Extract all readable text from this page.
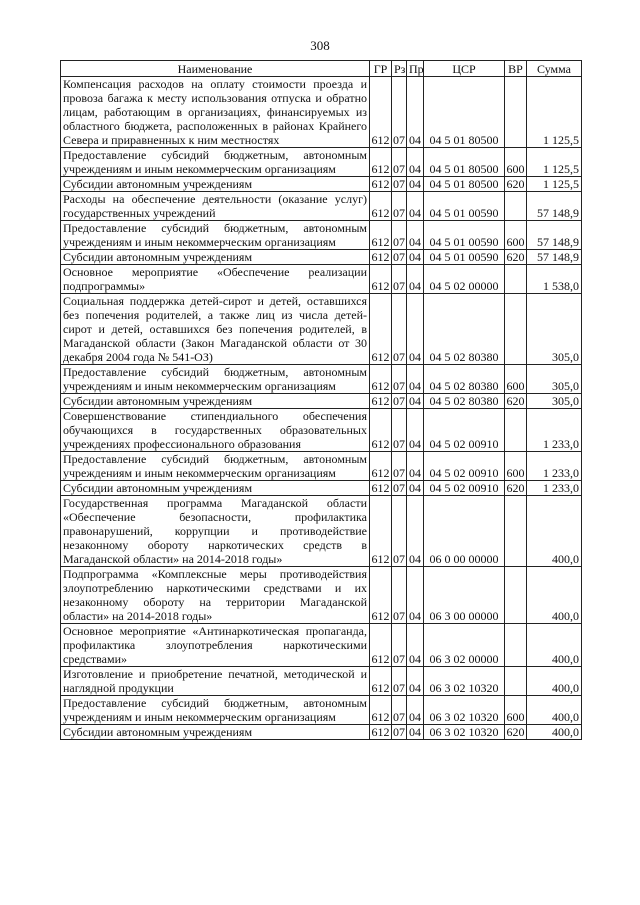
308
Наименование	ГР	Рз	Пр	ЦСР	ВР	Сумма
Компенсация расходов на оплату стоимости проезда и провоза багажа к месту использования отпуска и обратно лицам, работающим в организациях, финансируемых из областного бюджета, расположенных в районах Крайнего Севера и приравненных к ним местностях	612	07	04	04 5 01 80500		1 125,5
Предоставление субсидий бюджетным, автономным учреждениям и иным некоммерческим организациям	612	07	04	04 5 01 80500	600	1 125,5
Субсидии автономным учреждениям	612	07	04	04 5 01 80500	620	1 125,5
Расходы на обеспечение деятельности (оказание услуг) государственных учреждений	612	07	04	04 5 01 00590		57 148,9
Предоставление субсидий бюджетным, автономным учреждениям и иным некоммерческим организациям	612	07	04	04 5 01 00590	600	57 148,9
Субсидии автономным учреждениям	612	07	04	04 5 01 00590	620	57 148,9
Основное мероприятие «Обеспечение реализации подпрограммы»	612	07	04	04 5 02 00000		1 538,0
Социальная поддержка детей-сирот и детей, оставшихся без попечения родителей, а также лиц из числа детей-сирот и детей, оставшихся без попечения родителей, в Магаданской области (Закон Магаданской области от 30 декабря 2004 года № 541-ОЗ)	612	07	04	04 5 02 80380		305,0
Предоставление субсидий бюджетным, автономным учреждениям и иным некоммерческим организациям	612	07	04	04 5 02 80380	600	305,0
Субсидии автономным учреждениям	612	07	04	04 5 02 80380	620	305,0
Совершенствование стипендиального обеспечения обучающихся в государственных образовательных учреждениях профессионального образования	612	07	04	04 5 02 00910		1 233,0
Предоставление субсидий бюджетным, автономным учреждениям и иным некоммерческим организациям	612	07	04	04 5 02 00910	600	1 233,0
Субсидии автономным учреждениям	612	07	04	04 5 02 00910	620	1 233,0
Государственная программа Магаданской области «Обеспечение безопасности, профилактика правонарушений, коррупции и противодействие незаконному обороту наркотических средств в Магаданской области» на 2014-2018 годы»	612	07	04	06 0 00 00000		400,0
Подпрограмма «Комплексные меры противодействия злоупотреблению наркотическими средствами и их незаконному обороту на территории Магаданской области» на 2014-2018 годы»	612	07	04	06 3 00 00000		400,0
Основное мероприятие «Антинаркотическая пропаганда, профилактика злоупотребления наркотическими средствами»	612	07	04	06 3 02 00000		400,0
Изготовление и приобретение печатной, методической и наглядной продукции	612	07	04	06 3 02 10320		400,0
Предоставление субсидий бюджетным, автономным учреждениям и иным некоммерческим организациям	612	07	04	06 3 02 10320	600	400,0
Субсидии автономным учреждениям	612	07	04	06 3 02 10320	620	400,0
